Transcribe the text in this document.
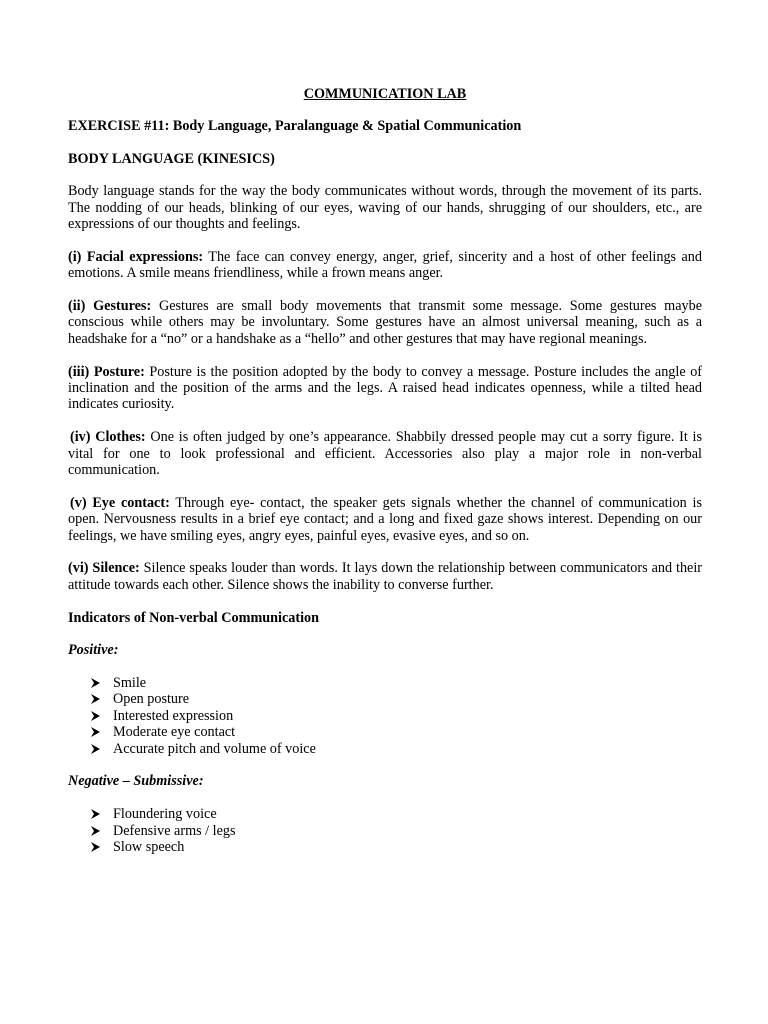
COMMUNICATION LAB
EXERCISE #11: Body Language, Paralanguage & Spatial Communication
BODY LANGUAGE (KINESICS)

Body language stands for the way the body communicates without words, through the movement of its parts. The nodding of our heads, blinking of our eyes, waving of our hands, shrugging of our shoulders, etc., are expressions of our thoughts and feelings.

(i) Facial expressions: The face can convey energy, anger, grief, sincerity and a host of other feelings and emotions. A smile means friendliness, while a frown means anger.

(ii) Gestures: Gestures are small body movements that transmit some message. Some gestures maybe conscious while others may be involuntary. Some gestures have an almost universal meaning, such as a headshake for a “no” or a handshake as a “hello” and other gestures that may have regional meanings.

(iii) Posture: Posture is the position adopted by the body to convey a message. Posture includes the angle of inclination and the position of the arms and the legs. A raised head indicates openness, while a tilted head indicates curiosity.

(iv) Clothes: One is often judged by one’s appearance. Shabbily dressed people may cut a sorry figure. It is vital for one to look professional and efficient. Accessories also play a major role in non-verbal communication.

(v) Eye contact: Through eye- contact, the speaker gets signals whether the channel of communication is open. Nervousness results in a brief eye contact; and a long and fixed gaze shows interest. Depending on our feelings, we have smiling eyes, angry eyes, painful eyes, evasive eyes, and so on.

(vi) Silence: Silence speaks louder than words. It lays down the relationship between communicators and their attitude towards each other. Silence shows the inability to converse further.

Indicators of Non-verbal Communication
Positive:
Smile
Open posture
Interested expression
Moderate eye contact
Accurate pitch and volume of voice
Negative – Submissive:
Floundering voice
Defensive arms / legs
Slow speech
